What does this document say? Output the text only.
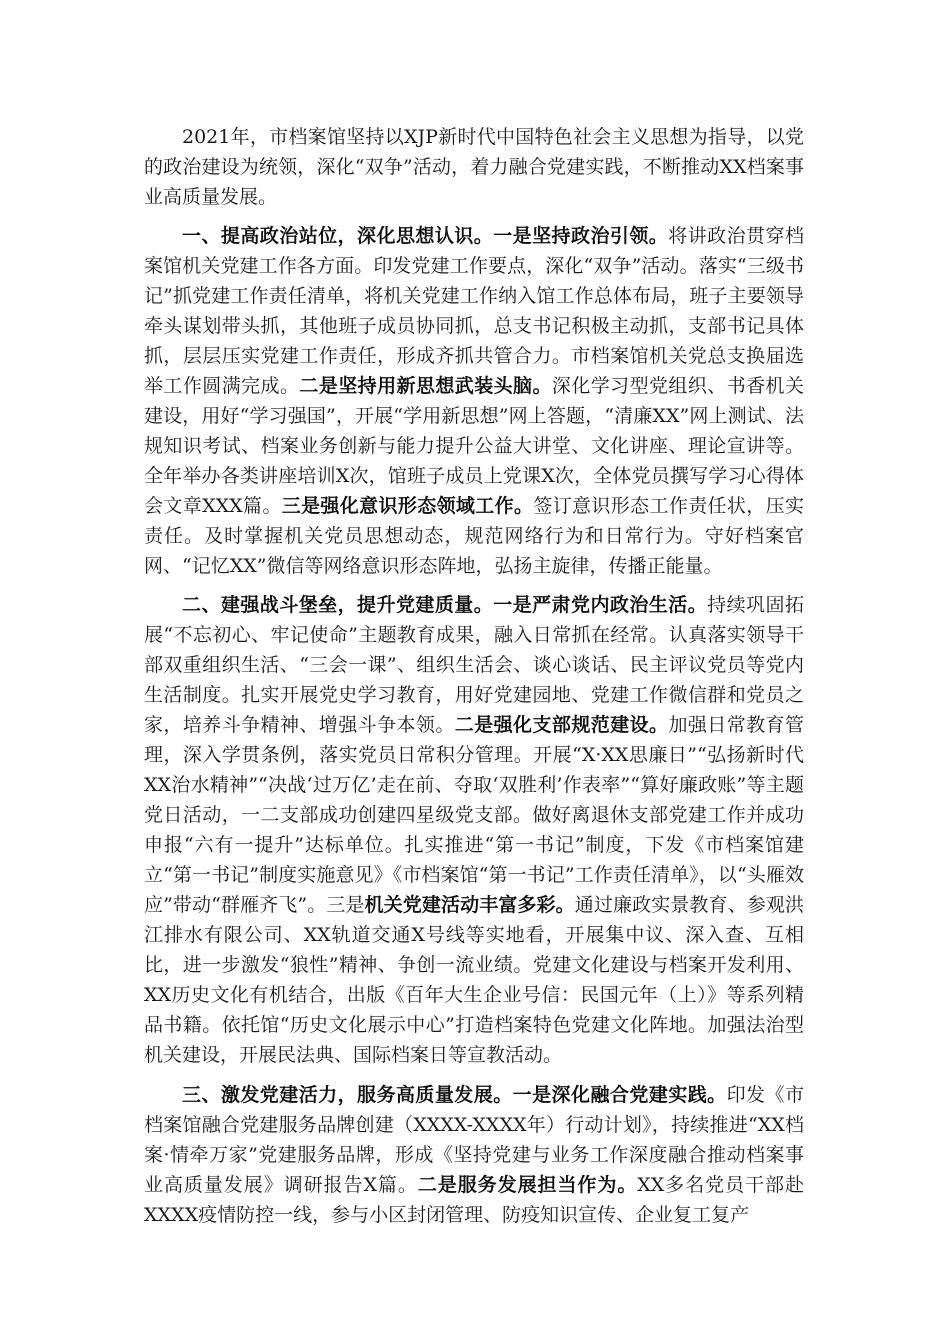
2021年，市档案馆坚持以XJP新时代中国特色社会主义思想为指导，以党的政治建设为统领，深化“双争”活动，着力融合党建实践，不断推动XX档案事业高质量发展。

一、提高政治站位，深化思想认识。一是坚持政治引领。将讲政治贯穿档案馆机关党建工作各方面。印发党建工作要点，深化“双争”活动。落实“三级书记”抓党建工作责任清单，将机关党建工作纳入馆工作总体布局，班子主要领导牵头谋划带头抓，其他班子成员协同抓，总支书记积极主动抓，支部书记具体抓，层层压实党建工作责任，形成齐抓共管合力。市档案馆机关党总支换届选举工作圆满完成。二是坚持用新思想武装头脑。深化学习型党组织、书香机关建设，用好“学习强国”，开展“学用新思想”网上答题，“清廉XX”网上测试、法规知识考试、档案业务创新与能力提升公益大讲堂、文化讲座、理论宣讲等。全年举办各类讲座培训X次，馆班子成员上党课X次，全体党员撰写学习心得体会文章XXX篇。三是强化意识形态领域工作。签订意识形态工作责任状，压实责任。及时掌握机关党员思想动态，规范网络行为和日常行为。守好档案官网、“记忆XX”微信等网络意识形态阵地，弘扬主旋律，传播正能量。

二、建强战斗堡垒，提升党建质量。一是严肃党内政治生活。持续巩固拓展“不忘初心、牢记使命”主题教育成果，融入日常抓在经常。认真落实领导干部双重组织生活、“三会一课”、组织生活会、谈心谈话、民主评议党员等党内生活制度。扎实开展党史学习教育，用好党建园地、党建工作微信群和党员之家，培养斗争精神、增强斗争本领。二是强化支部规范建设。加强日常教育管理，深入学贯条例，落实党员日常积分管理。开展“X·XX思廉日”“弘扬新时代XX治水精神”“决战‘过万亿’走在前、夺取‘双胜利’作表率”“算好廉政账”等主题党日活动，一二支部成功创建四星级党支部。做好离退休支部党建工作并成功申报“六有一提升”达标单位。扎实推进“第一书记”制度，下发《市档案馆建立“第一书记”制度实施意见》《市档案馆“第一书记”工作责任清单》，以“头雁效应”带动“群雁齐飞”。三是机关党建活动丰富多彩。通过廉政实景教育、参观洪江排水有限公司、XX轨道交通X号线等实地看，开展集中议、深入查、互相比，进一步激发“狼性”精神、争创一流业绩。党建文化建设与档案开发利用、XX历史文化有机结合，出版《百年大生企业号信：民国元年（上）》等系列精品书籍。依托馆“历史文化展示中心”打造档案特色党建文化阵地。加强法治型机关建设，开展民法典、国际档案日等宣教活动。

三、激发党建活力，服务高质量发展。一是深化融合党建实践。印发《市档案馆融合党建服务品牌创建（XXXX-XXXX年）行动计划》，持续推进“XX档案·情牵万家”党建服务品牌，形成《坚持党建与业务工作深度融合推动档案事业高质量发展》调研报告X篇。二是服务发展担当作为。XX多名党员干部赴XXXX疫情防控一线，参与小区封闭管理、防疫知识宣传、企业复工复产
